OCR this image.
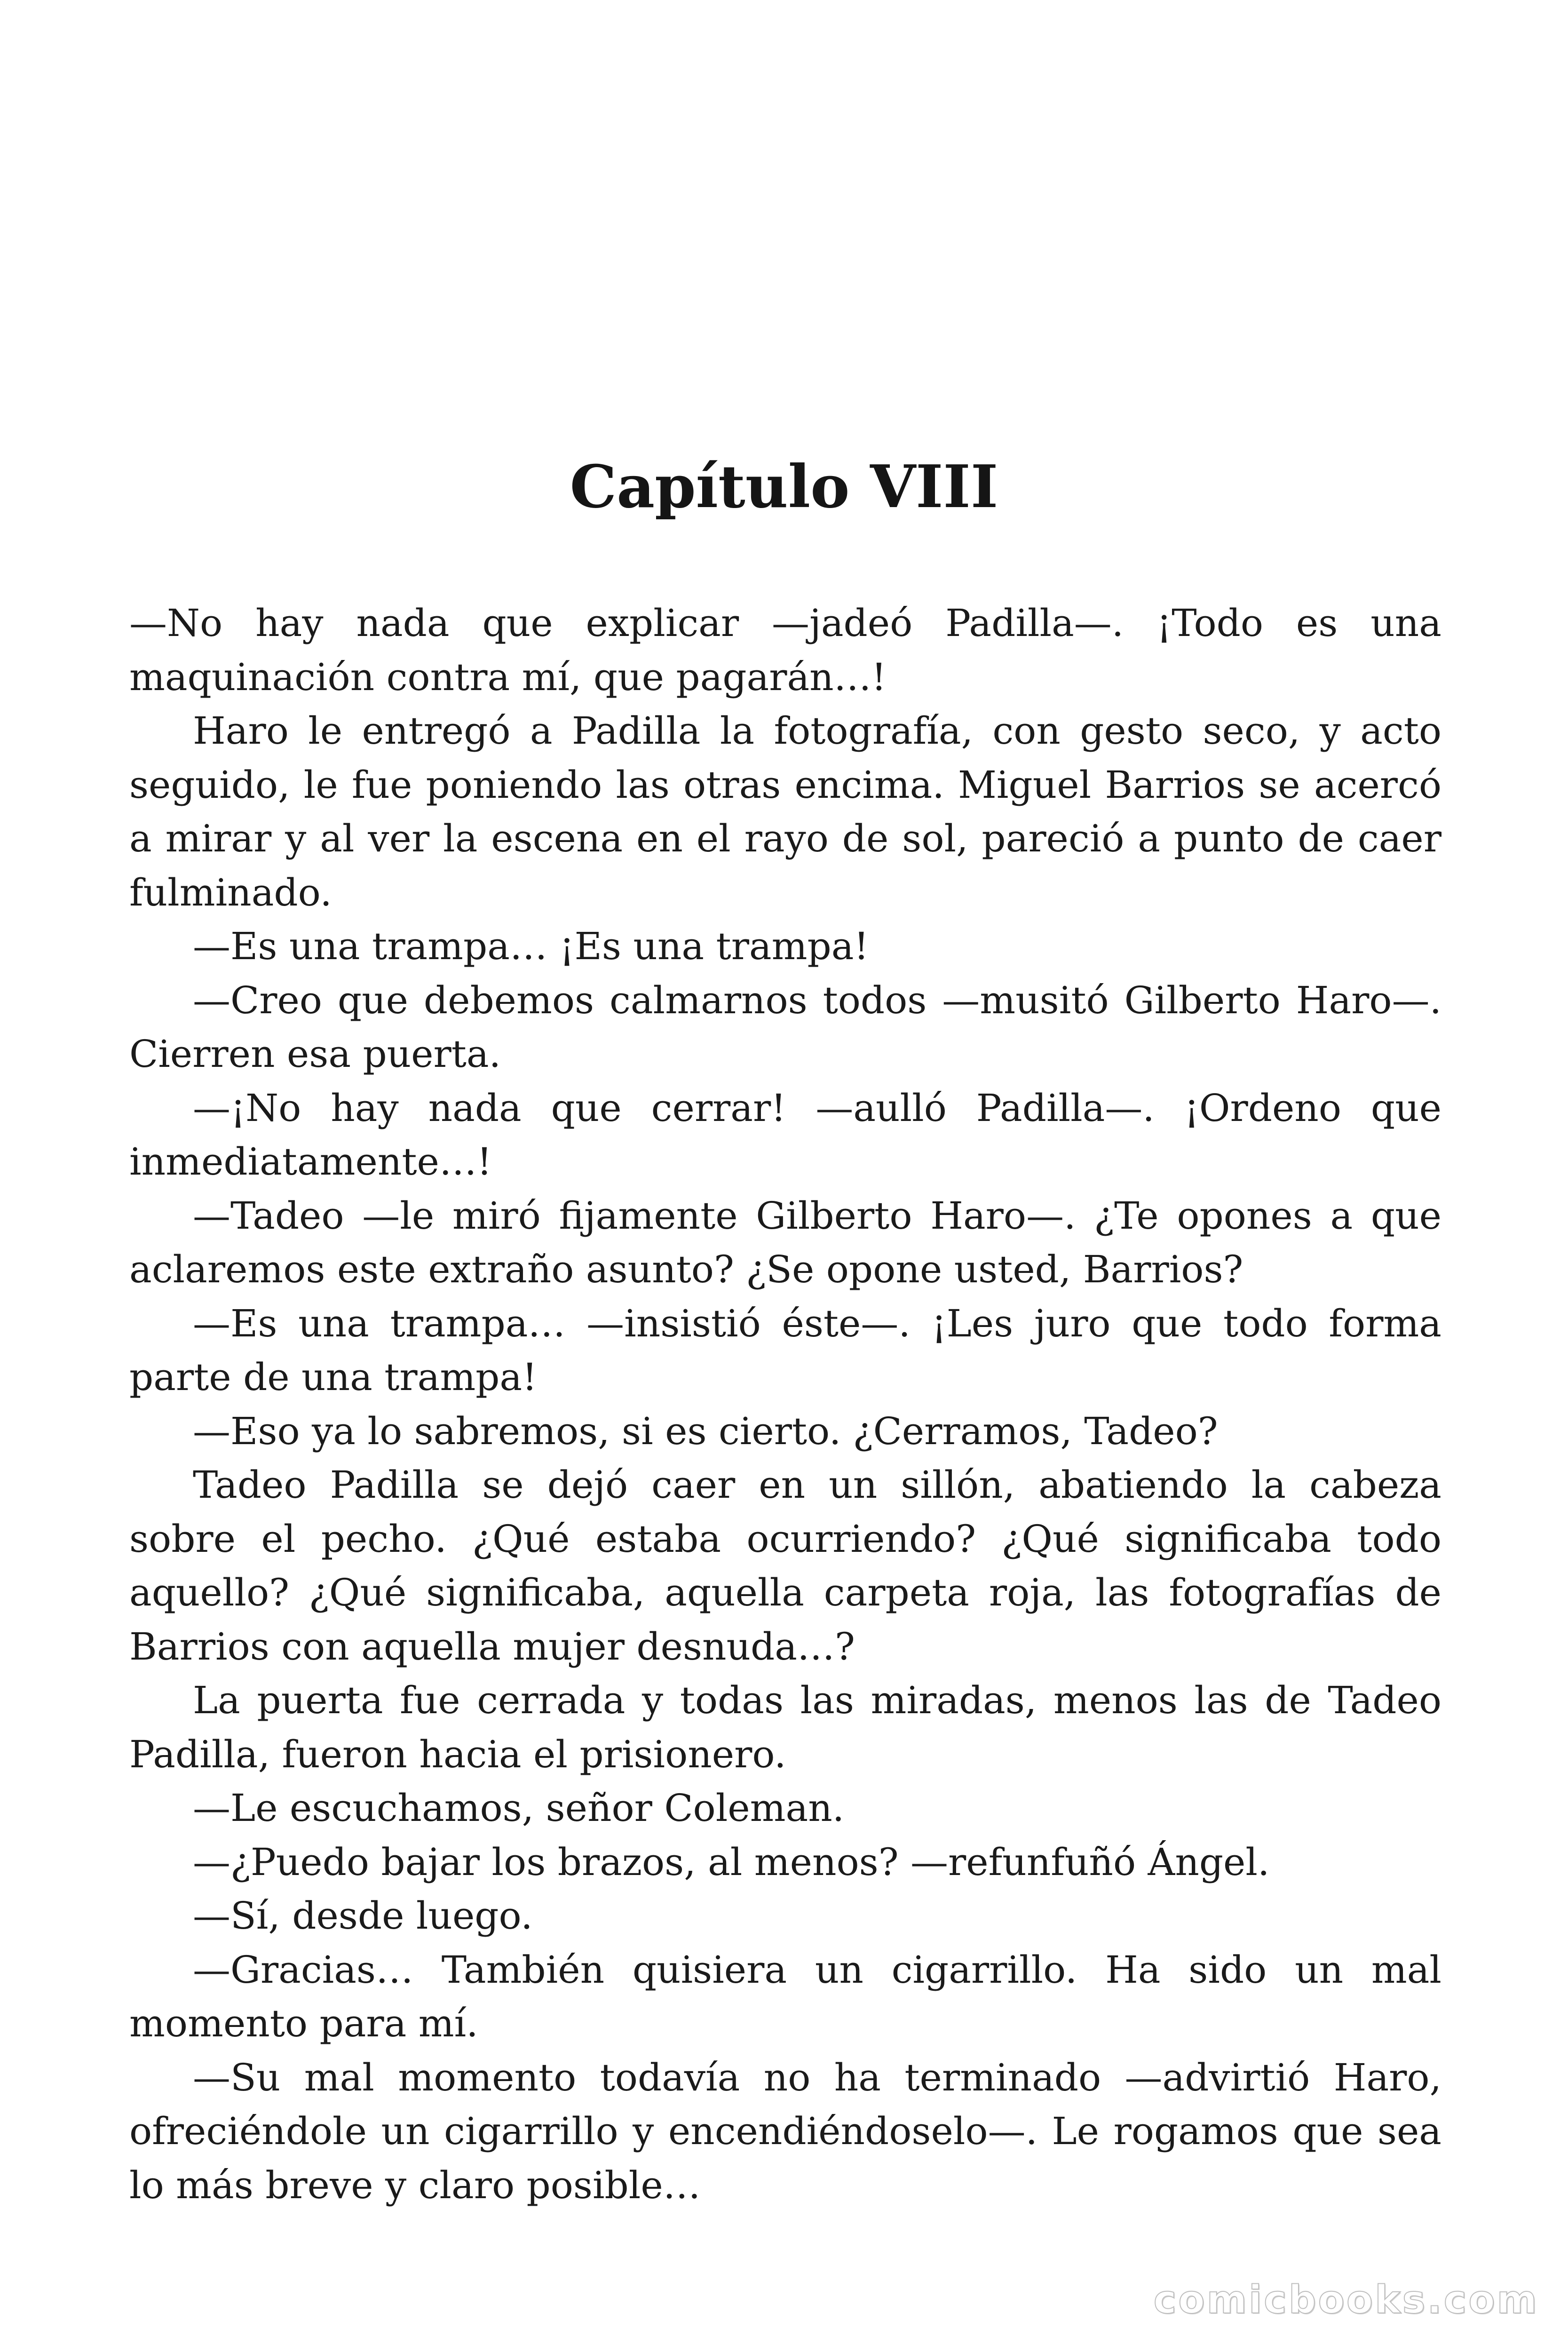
Capítulo VIII

—No hay nada que explicar —jadeó Padilla—. ¡Todo es una maquinación contra mí, que pagarán…!

Haro le entregó a Padilla la fotografía, con gesto seco, y acto seguido, le fue poniendo las otras encima. Miguel Barrios se acercó a mirar y al ver la escena en el rayo de sol, pareció a punto de caer fulminado.

—Es una trampa… ¡Es una trampa!

—Creo que debemos calmarnos todos —musitó Gilberto Haro—. Cierren esa puerta.

—¡No hay nada que cerrar! —aulló Padilla—. ¡Ordeno que inmediatamente…!

—Tadeo —le miró fijamente Gilberto Haro—. ¿Te opones a que aclaremos este extraño asunto? ¿Se opone usted, Barrios?

—Es una trampa… —insistió éste—. ¡Les juro que todo forma parte de una trampa!

—Eso ya lo sabremos, si es cierto. ¿Cerramos, Tadeo?

Tadeo Padilla se dejó caer en un sillón, abatiendo la cabeza sobre el pecho. ¿Qué estaba ocurriendo? ¿Qué significaba todo aquello? ¿Qué significaba, aquella carpeta roja, las fotografías de Barrios con aquella mujer desnuda…?

La puerta fue cerrada y todas las miradas, menos las de Tadeo Padilla, fueron hacia el prisionero.

—Le escuchamos, señor Coleman.

—¿Puedo bajar los brazos, al menos? —refunfuñó Ángel.

—Sí, desde luego.

—Gracias… También quisiera un cigarrillo. Ha sido un mal momento para mí.

—Su mal momento todavía no ha terminado —advirtió Haro, ofreciéndole un cigarrillo y encendiéndoselo—. Le rogamos que sea lo más breve y claro posible…

comicbooks.com
